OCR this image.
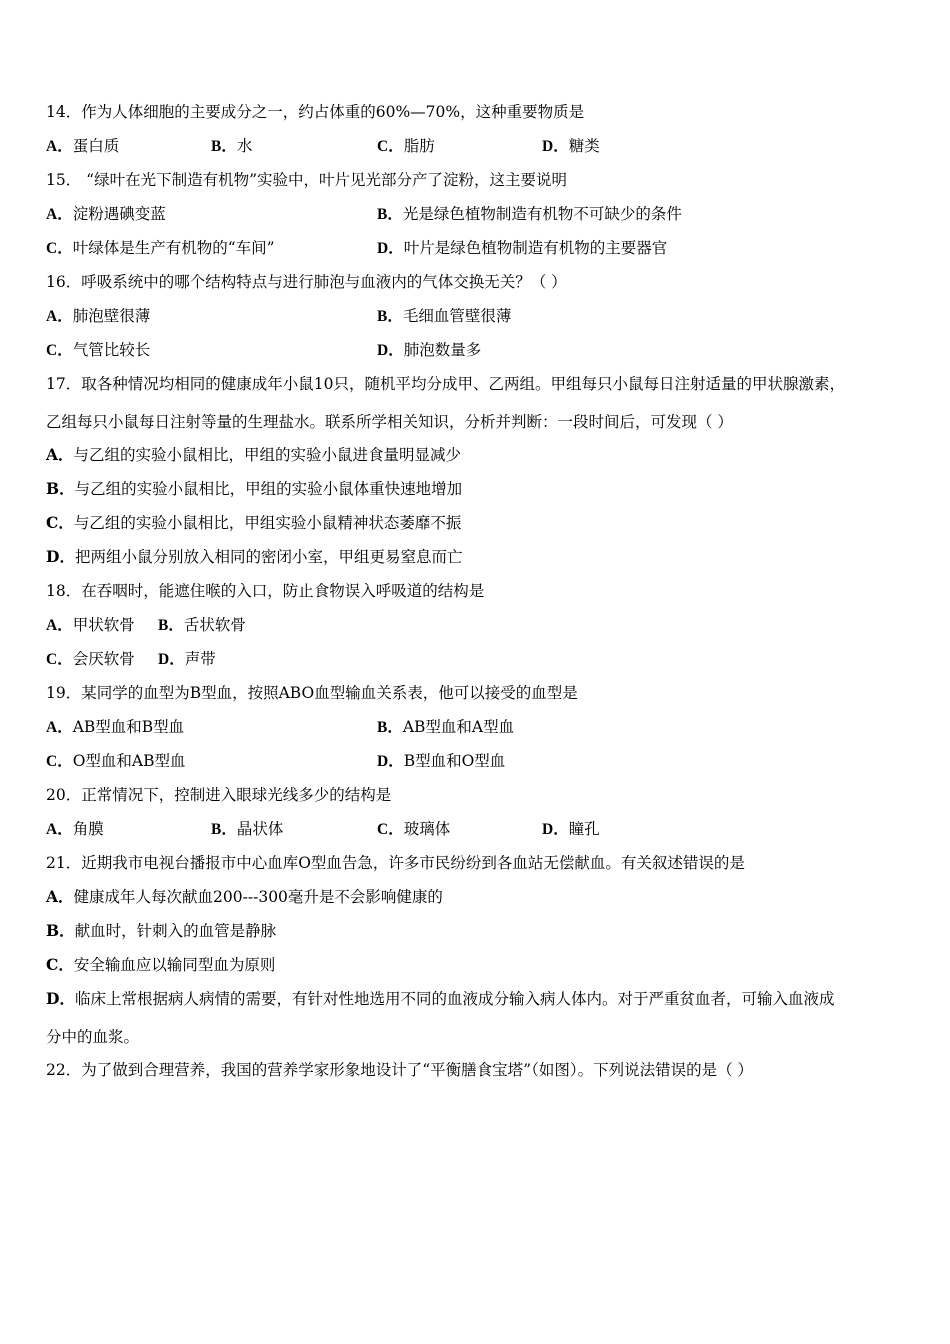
14．作为人体细胞的主要成分之一，约占体重的60%—70%，这种重要物质是
A．蛋白质	B．水	C．脂肪	D．糖类
15． “绿叶在光下制造有机物”实验中，叶片见光部分产了淀粉，这主要说明
A．淀粉遇碘变蓝	B．光是绿色植物制造有机物不可缺少的条件
C．叶绿体是生产有机物的“车间”	D．叶片是绿色植物制造有机物的主要器官
16．呼吸系统中的哪个结构特点与进行肺泡与血液内的气体交换无关？（ ）
A．肺泡壁很薄	B．毛细血管壁很薄
C．气管比较长	D．肺泡数量多
17．取各种情况均相同的健康成年小鼠10只，随机平均分成甲、乙两组。甲组每只小鼠每日注射适量的甲状腺激素，
乙组每只小鼠每日注射等量的生理盐水。联系所学相关知识，分析并判断：一段时间后，可发现（ ）
A．与乙组的实验小鼠相比，甲组的实验小鼠进食量明显减少
B．与乙组的实验小鼠相比，甲组的实验小鼠体重快速地增加
C．与乙组的实验小鼠相比，甲组实验小鼠精神状态萎靡不振
D．把两组小鼠分别放入相同的密闭小室，甲组更易窒息而亡
18．在吞咽时，能遮住喉的入口，防止食物误入呼吸道的结构是
A．甲状软骨 B．舌状软骨
C．会厌软骨 D．声带
19．某同学的血型为B型血，按照ABO血型输血关系表，他可以接受的血型是
A．AB型血和B型血	B．AB型血和A型血
C．O型血和AB型血	D．B型血和O型血
20．正常情况下，控制进入眼球光线多少的结构是
A．角膜	B．晶状体	C．玻璃体	D．瞳孔
21．近期我市电视台播报市中心血库O型血告急，许多市民纷纷到各血站无偿献血。有关叙述错误的是
A．健康成年人每次献血200---300毫升是不会影响健康的
B．献血时，针刺入的血管是静脉
C．安全输血应以输同型血为原则
D．临床上常根据病人病情的需要，有针对性地选用不同的血液成分输入病人体内。对于严重贫血者，可输入血液成
分中的血浆。
22．为了做到合理营养，我国的营养学家形象地设计了“平衡膳食宝塔”（如图）。下列说法错误的是（ ）
